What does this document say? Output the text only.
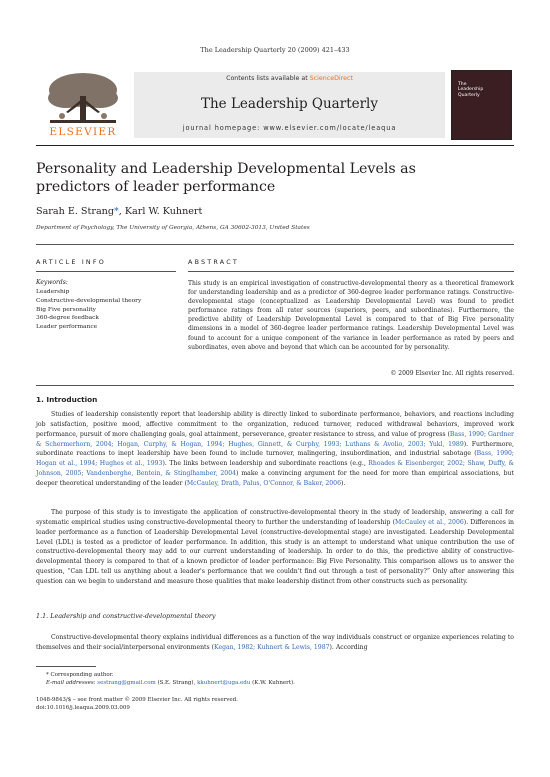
The Leadership Quarterly 20 (2009) 421–433
Contents lists available at ScienceDirect
The Leadership Quarterly
journal homepage: www.elsevier.com/locate/leaqua
ELSEVIER
The
Leadership
Quarterly
Personality and Leadership Developmental Levels as predictors of leader performance
Sarah E. Strang*, Karl W. Kuhnert
Department of Psychology, The University of Georgia, Athens, GA 30602-3013, United States
ARTICLE INFO
Keywords:
Leadership
Constructive-developmental theory
Big Five personality
360-degree feedback
Leader performance
ABSTRACT
This study is an empirical investigation of constructive-developmental theory as a theoretical framework for understanding leadership and as a predictor of 360-degree leader performance ratings. Constructive-developmental stage (conceptualized as Leadership Developmental Level) was found to predict performance ratings from all rater sources (superiors, peers, and subordinates). Furthermore, the predictive ability of Leadership Developmental Level is compared to that of Big Five personality dimensions in a model of 360-degree leader performance ratings. Leadership Developmental Level was found to account for a unique component of the variance in leader performance as rated by peers and subordinates, even above and beyond that which can be accounted for by personality.
© 2009 Elsevier Inc. All rights reserved.
1. Introduction
Studies of leadership consistently report that leadership ability is directly linked to subordinate performance, behaviors, and reactions including job satisfaction, positive mood, affective commitment to the organization, reduced turnover, reduced withdrawal behaviors, improved work performance, pursuit of more challenging goals, goal attainment, perseverance, greater resistance to stress, and value of progress (Bass, 1990; Gardner & Schermerhorn, 2004; Hogan, Curphy, & Hogan, 1994; Hughes, Ginnett, & Curphy, 1993; Luthans & Avolio, 2003; Yukl, 1989). Furthermore, subordinate reactions to inept leadership have been found to include turnover, malingering, insubordination, and industrial sabotage (Bass, 1990; Hogan et al., 1994; Hughes et al., 1993). The links between leadership and subordinate reactions (e.g., Rhoades & Eisenberger, 2002; Shaw, Duffy, & Johnson, 2005; Vandenberghe, Bentein, & Stinglhamber, 2004) make a convincing argument for the need for more than empirical associations, but deeper theoretical understanding of the leader (McCauley, Drath, Palus, O'Connor, & Baker, 2006).
The purpose of this study is to investigate the application of constructive-developmental theory in the study of leadership, answering a call for systematic empirical studies using constructive-developmental theory to further the understanding of leadership (McCauley et al., 2006). Differences in leader performance as a function of Leadership Developmental Level (constructive-developmental stage) are investigated. Leadership Developmental Level (LDL) is tested as a predictor of leader performance. In addition, this study is an attempt to understand what unique contribution the use of constructive-developmental theory may add to our current understanding of leadership. In order to do this, the predictive ability of constructive-developmental theory is compared to that of a known predictor of leader performance: Big Five Personality. This comparison allows us to answer the question, “Can LDL tell us anything about a leader's performance that we couldn't find out through a test of personality?” Only after answering this question can we begin to understand and measure those qualities that make leadership distinct from other constructs such as personality.
1.1. Leadership and constructive-developmental theory
Constructive-developmental theory explains individual differences as a function of the way individuals construct or organize experiences relating to themselves and their social/interpersonal environments (Kegan, 1982; Kuhnert & Lewis, 1987). According
* Corresponding author.
E-mail addresses: sestrang@gmail.com (S.E. Strang), kkuhnert@uga.edu (K.W. Kuhnert).
1048-9843/$ – see front matter © 2009 Elsevier Inc. All rights reserved.
doi:10.1016/j.leaqua.2009.03.009
